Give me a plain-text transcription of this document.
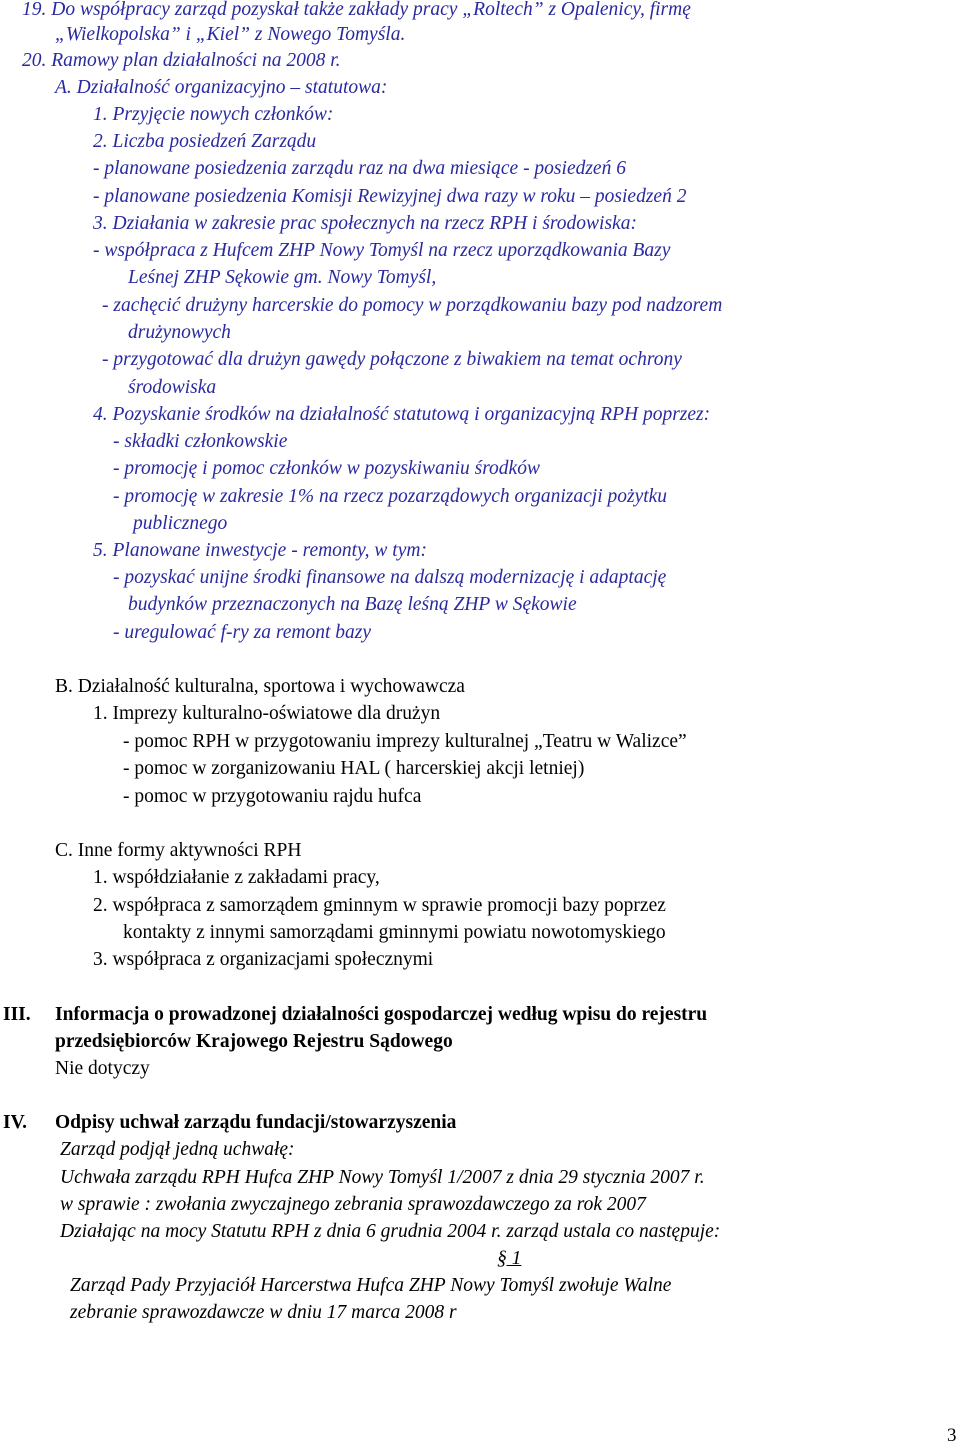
19. Do współpracy zarząd pozyskał także zakłady pracy „Roltech” z Opalenicy, firmę
„Wielkopolska” i „Kiel” z Nowego Tomyśla.
20. Ramowy plan działalności na 2008 r.
A. Działalność organizacyjno – statutowa:
1. Przyjęcie nowych członków:
2. Liczba posiedzeń Zarządu
- planowane posiedzenia zarządu raz na dwa miesiące - posiedzeń 6
- planowane posiedzenia Komisji Rewizyjnej dwa razy w roku – posiedzeń 2
3. Działania w zakresie prac społecznych na rzecz RPH i środowiska:
- współpraca z Hufcem ZHP Nowy Tomyśl na rzecz uporządkowania Bazy
Leśnej ZHP Sękowie gm. Nowy Tomyśl,
- zachęcić drużyny harcerskie do pomocy w porządkowaniu bazy pod nadzorem
drużynowych
- przygotować dla drużyn gawędy połączone z biwakiem na temat ochrony
środowiska
4. Pozyskanie środków na działalność statutową i organizacyjną RPH poprzez:
- składki członkowskie
- promocję i pomoc członków w pozyskiwaniu środków
- promocję w zakresie 1% na rzecz pozarządowych organizacji pożytku
publicznego
5. Planowane inwestycje - remonty, w tym:
- pozyskać unijne środki finansowe na dalszą modernizację i adaptację
budynków przeznaczonych na Bazę leśną ZHP w Sękowie
- uregulować f-ry za remont bazy
B. Działalność kulturalna, sportowa i wychowawcza
1. Imprezy kulturalno-oświatowe dla drużyn
- pomoc RPH w przygotowaniu imprezy kulturalnej „Teatru w Walizce”
- pomoc w zorganizowaniu HAL ( harcerskiej akcji letniej)
- pomoc w przygotowaniu rajdu hufca
C. Inne formy aktywności RPH
1. współdziałanie z zakładami pracy,
2. współpraca z samorządem gminnym w sprawie promocji bazy poprzez
kontakty z innymi samorządami gminnymi powiatu nowotomyskiego
3. współpraca z organizacjami społecznymi
III. Informacja o prowadzonej działalności gospodarczej według wpisu do rejestru
przedsiębiorców Krajowego Rejestru Sądowego
Nie dotyczy
IV. Odpisy uchwał zarządu fundacji/stowarzyszenia
Zarząd podjął jedną uchwałę:
Uchwała zarządu RPH Hufca ZHP Nowy Tomyśl 1/2007 z dnia 29 stycznia 2007 r.
w sprawie : zwołania zwyczajnego zebrania sprawozdawczego za rok 2007
Działając na mocy Statutu RPH z dnia 6 grudnia 2004 r. zarząd ustala co następuje:
§ 1
Zarząd Pady Przyjaciół Harcerstwa Hufca ZHP Nowy Tomyśl zwołuje Walne
zebranie sprawozdawcze w dniu 17 marca 2008 r
3
